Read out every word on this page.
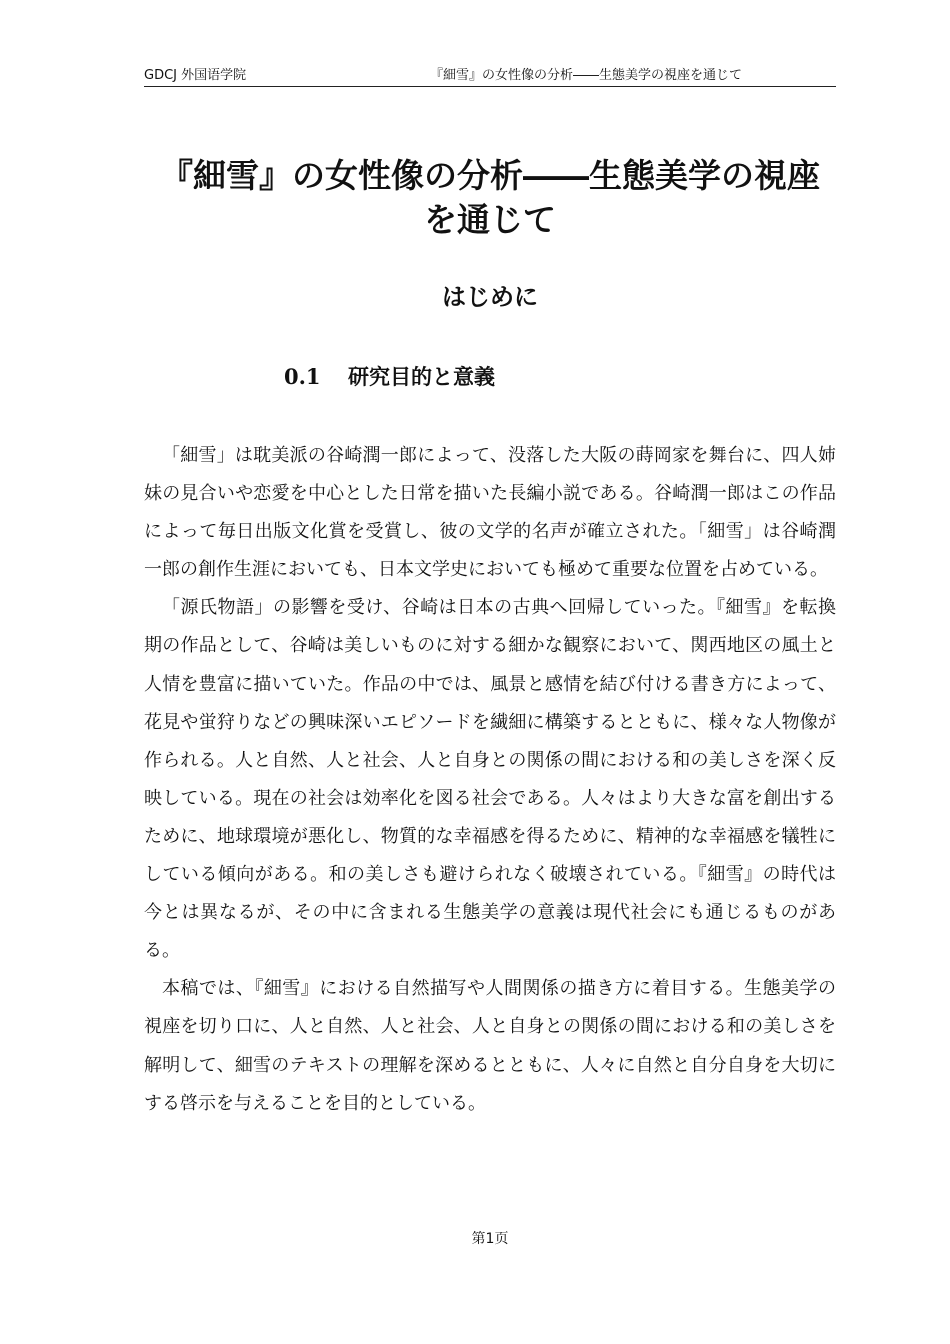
GDCJ 外国语学院	『細雪』の女性像の分析――生態美学の視座を通じて
『細雪』の女性像の分析――生態美学の視座を通じて
はじめに
0.1 研究目的と意義

「細雪」は耽美派の谷崎潤一郎によって、没落した大阪の蒔岡家を舞台に、四人姉妹の見合いや恋愛を中心とした日常を描いた長編小説である。谷崎潤一郎はこの作品によって毎日出版文化賞を受賞し、彼の文学的名声が確立された。「細雪」は谷崎潤一郎の創作生涯においても、日本文学史においても極めて重要な位置を占めている。

「源氏物語」の影響を受け、谷崎は日本の古典へ回帰していった。『細雪』を転換期の作品として、谷崎は美しいものに対する細かな観察において、関西地区の風土と人情を豊富に描いていた。作品の中では、風景と感情を結び付ける書き方によって、花見や蛍狩りなどの興味深いエピソードを繊細に構築するとともに、様々な人物像が作られる。人と自然、人と社会、人と自身との関係の間における和の美しさを深く反映している。現在の社会は効率化を図る社会である。人々はより大きな富を創出するために、地球環境が悪化し、物質的な幸福感を得るために、精神的な幸福感を犠牲にしている傾向がある。和の美しさも避けられなく破壊されている。『細雪』の時代は今とは異なるが、その中に含まれる生態美学の意義は現代社会にも通じるものがある。

本稿では、『細雪』における自然描写や人間関係の描き方に着目する。生態美学の視座を切り口に、人と自然、人と社会、人と自身との関係の間における和の美しさを解明して、細雪のテキストの理解を深めるとともに、人々に自然と自分自身を大切にする啓示を与えることを目的としている。

第1页
